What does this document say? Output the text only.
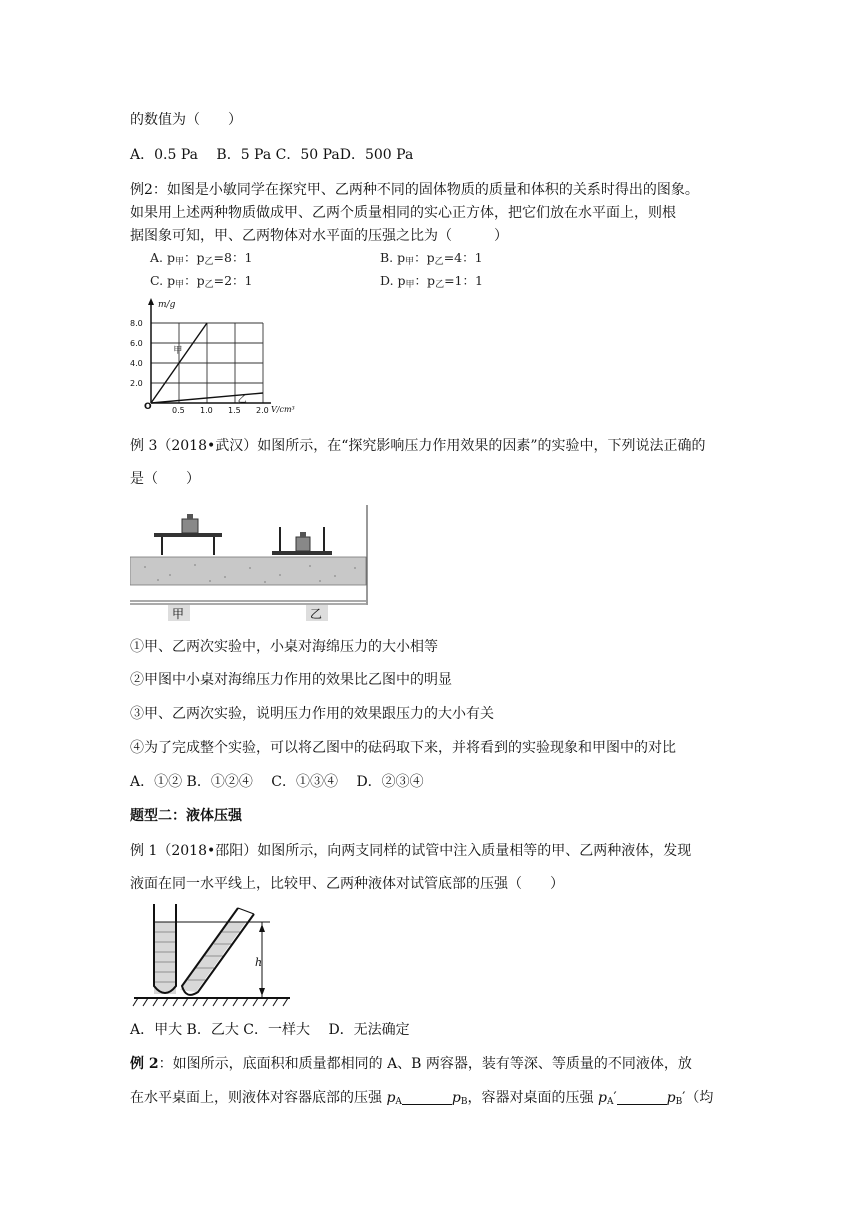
的数值为（　　）
A．0.5 Pa　 B．5 Pa C．50 PaD．500 Pa
例2：如图是小敏同学在探究甲、乙两种不同的固体物质的质量和体积的关系时得出的图象。
如果用上述两种物质做成甲、乙两个质量相同的实心正方体，把它们放在水平面上，则根
据图象可知，甲、乙两物体对水平面的压强之比为（　　　）
A. $p_甲$：$p_乙=8$：1	B. $p_甲$：$p_乙=4$：1
C. $p_甲$：$p_乙=2$：1	D. $p_甲$：$p_乙=1$：1
0.5 1.0 1.5 2.0
2.0
4.0
6.0
8.0
甲
乙
m/g
V/cm³
O
例 3（2018•武汉）如图所示，在“探究影响压力作用效果的因素”的实验中，下列说法正确的
是（　　）
甲	乙
①甲、乙两次实验中，小桌对海绵压力的大小相等
②甲图中小桌对海绵压力作用的效果比乙图中的明显
③甲、乙两次实验，说明压力作用的效果跟压力的大小有关
④为了完成整个实验，可以将乙图中的砝码取下来，并将看到的实验现象和甲图中的对比
A．①② B．①②④　 C．①③④　 D．②③④
题型二：液体压强
例 1（2018•邵阳）如图所示，向两支同样的试管中注入质量相等的甲、乙两种液体，发现
液面在同一水平线上，比较甲、乙两种液体对试管底部的压强（　　）
h
A．甲大 B．乙大 C．一样大　 D．无法确定
例 2：如图所示，底面积和质量都相同的 A、B 两容器，装有等深、等质量的不同液体，放
在水平桌面上，则液体对容器底部的压强 $p_A$	$p_B$，容器对桌面的压强 $p_A'$	$p_B'$（均
